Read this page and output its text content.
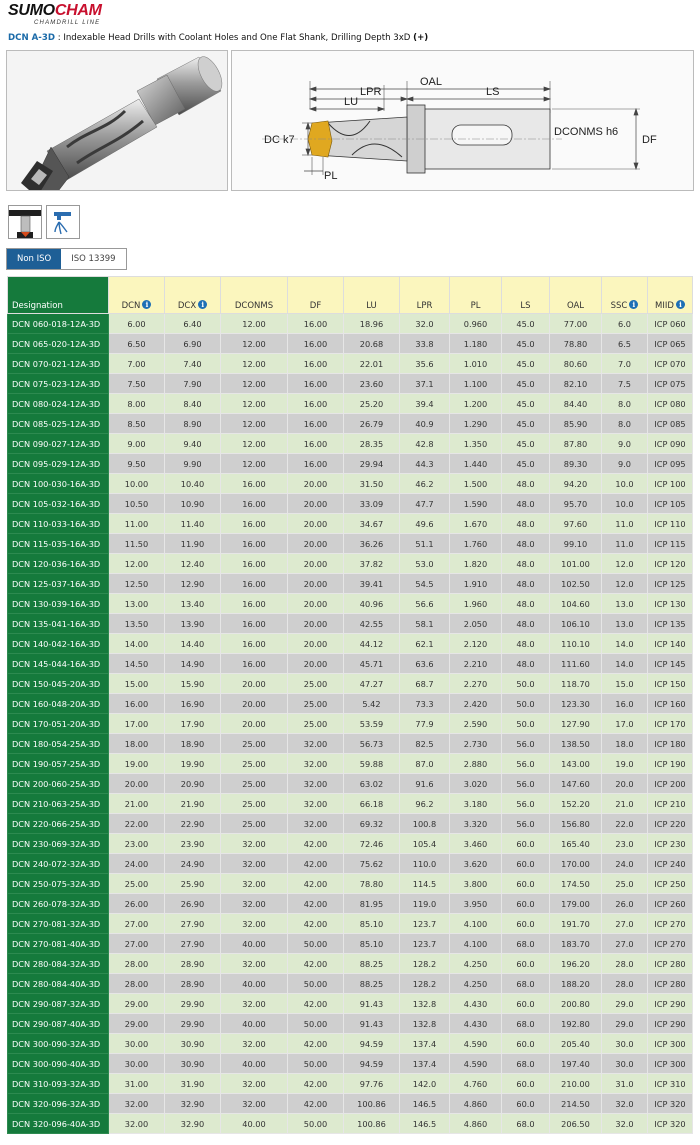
SUMOCHAM
CHAMDRILL LINE
DCN A-3D : Indexable Head Drills with Coolant Holes and One Flat Shank, Drilling Depth 3xD (+)
OAL
LPR	LS
LU
DC k7
DCONMS h6
DF
PL
Non ISO	ISO 13399
Designation	DCN i	DCX i	DCONMS	DF	LU	LPR	PL	LS	OAL	SSC i	MIID i
DCN 060-018-12A-3D	6.00	6.40	12.00	16.00	18.96	32.0	0.960	45.0	77.00	6.0	ICP 060
DCN 065-020-12A-3D	6.50	6.90	12.00	16.00	20.68	33.8	1.180	45.0	78.80	6.5	ICP 065
DCN 070-021-12A-3D	7.00	7.40	12.00	16.00	22.01	35.6	1.010	45.0	80.60	7.0	ICP 070
DCN 075-023-12A-3D	7.50	7.90	12.00	16.00	23.60	37.1	1.100	45.0	82.10	7.5	ICP 075
DCN 080-024-12A-3D	8.00	8.40	12.00	16.00	25.20	39.4	1.200	45.0	84.40	8.0	ICP 080
DCN 085-025-12A-3D	8.50	8.90	12.00	16.00	26.79	40.9	1.290	45.0	85.90	8.0	ICP 085
DCN 090-027-12A-3D	9.00	9.40	12.00	16.00	28.35	42.8	1.350	45.0	87.80	9.0	ICP 090
DCN 095-029-12A-3D	9.50	9.90	12.00	16.00	29.94	44.3	1.440	45.0	89.30	9.0	ICP 095
DCN 100-030-16A-3D	10.00	10.40	16.00	20.00	31.50	46.2	1.500	48.0	94.20	10.0	ICP 100
DCN 105-032-16A-3D	10.50	10.90	16.00	20.00	33.09	47.7	1.590	48.0	95.70	10.0	ICP 105
DCN 110-033-16A-3D	11.00	11.40	16.00	20.00	34.67	49.6	1.670	48.0	97.60	11.0	ICP 110
DCN 115-035-16A-3D	11.50	11.90	16.00	20.00	36.26	51.1	1.760	48.0	99.10	11.0	ICP 115
DCN 120-036-16A-3D	12.00	12.40	16.00	20.00	37.82	53.0	1.820	48.0	101.00	12.0	ICP 120
DCN 125-037-16A-3D	12.50	12.90	16.00	20.00	39.41	54.5	1.910	48.0	102.50	12.0	ICP 125
DCN 130-039-16A-3D	13.00	13.40	16.00	20.00	40.96	56.6	1.960	48.0	104.60	13.0	ICP 130
DCN 135-041-16A-3D	13.50	13.90	16.00	20.00	42.55	58.1	2.050	48.0	106.10	13.0	ICP 135
DCN 140-042-16A-3D	14.00	14.40	16.00	20.00	44.12	62.1	2.120	48.0	110.10	14.0	ICP 140
DCN 145-044-16A-3D	14.50	14.90	16.00	20.00	45.71	63.6	2.210	48.0	111.60	14.0	ICP 145
DCN 150-045-20A-3D	15.00	15.90	20.00	25.00	47.27	68.7	2.270	50.0	118.70	15.0	ICP 150
DCN 160-048-20A-3D	16.00	16.90	20.00	25.00	5.42	73.3	2.420	50.0	123.30	16.0	ICP 160
DCN 170-051-20A-3D	17.00	17.90	20.00	25.00	53.59	77.9	2.590	50.0	127.90	17.0	ICP 170
DCN 180-054-25A-3D	18.00	18.90	25.00	32.00	56.73	82.5	2.730	56.0	138.50	18.0	ICP 180
DCN 190-057-25A-3D	19.00	19.90	25.00	32.00	59.88	87.0	2.880	56.0	143.00	19.0	ICP 190
DCN 200-060-25A-3D	20.00	20.90	25.00	32.00	63.02	91.6	3.020	56.0	147.60	20.0	ICP 200
DCN 210-063-25A-3D	21.00	21.90	25.00	32.00	66.18	96.2	3.180	56.0	152.20	21.0	ICP 210
DCN 220-066-25A-3D	22.00	22.90	25.00	32.00	69.32	100.8	3.320	56.0	156.80	22.0	ICP 220
DCN 230-069-32A-3D	23.00	23.90	32.00	42.00	72.46	105.4	3.460	60.0	165.40	23.0	ICP 230
DCN 240-072-32A-3D	24.00	24.90	32.00	42.00	75.62	110.0	3.620	60.0	170.00	24.0	ICP 240
DCN 250-075-32A-3D	25.00	25.90	32.00	42.00	78.80	114.5	3.800	60.0	174.50	25.0	ICP 250
DCN 260-078-32A-3D	26.00	26.90	32.00	42.00	81.95	119.0	3.950	60.0	179.00	26.0	ICP 260
DCN 270-081-32A-3D	27.00	27.90	32.00	42.00	85.10	123.7	4.100	60.0	191.70	27.0	ICP 270
DCN 270-081-40A-3D	27.00	27.90	40.00	50.00	85.10	123.7	4.100	68.0	183.70	27.0	ICP 270
DCN 280-084-32A-3D	28.00	28.90	32.00	42.00	88.25	128.2	4.250	60.0	196.20	28.0	ICP 280
DCN 280-084-40A-3D	28.00	28.90	40.00	50.00	88.25	128.2	4.250	68.0	188.20	28.0	ICP 280
DCN 290-087-32A-3D	29.00	29.90	32.00	42.00	91.43	132.8	4.430	60.0	200.80	29.0	ICP 290
DCN 290-087-40A-3D	29.00	29.90	40.00	50.00	91.43	132.8	4.430	68.0	192.80	29.0	ICP 290
DCN 300-090-32A-3D	30.00	30.90	32.00	42.00	94.59	137.4	4.590	60.0	205.40	30.0	ICP 300
DCN 300-090-40A-3D	30.00	30.90	40.00	50.00	94.59	137.4	4.590	68.0	197.40	30.0	ICP 300
DCN 310-093-32A-3D	31.00	31.90	32.00	42.00	97.76	142.0	4.760	60.0	210.00	31.0	ICP 310
DCN 320-096-32A-3D	32.00	32.90	32.00	42.00	100.86	146.5	4.860	60.0	214.50	32.0	ICP 320
DCN 320-096-40A-3D	32.00	32.90	40.00	50.00	100.86	146.5	4.860	68.0	206.50	32.0	ICP 320
